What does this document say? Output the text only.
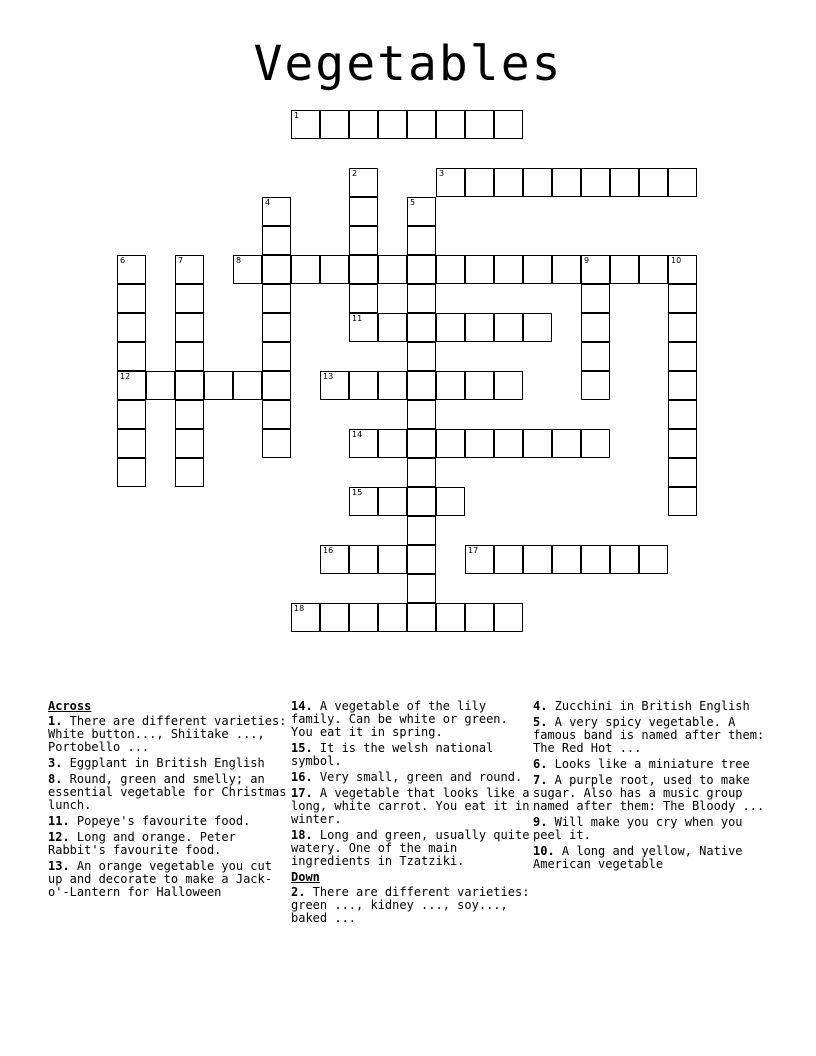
Vegetables
1
2	3
4	5
6
12
7	8	9	10
11
13
14
15
16	17
18
Across
1. There are different varieties: White button..., Shiitake ..., Portobello ...
3. Eggplant in British English
8. Round, green and smelly; an essential vegetable for Christmas lunch.
11. Popeye's favourite food.
12. Long and orange. Peter Rabbit's favourite food.
13. An orange vegetable you cut up and decorate to make a Jack-o'-Lantern for Halloween
14. A vegetable of the lily family. Can be white or green. You eat it in spring.
15. It is the welsh national symbol.
16. Very small, green and round.
17. A vegetable that looks like a long, white carrot. You eat it in winter.
18. Long and green, usually quite watery. One of the main ingredients in Tzatziki.
Down
2. There are different varieties: green ..., kidney ..., soy..., baked ...
4. Zucchini in British English
5. A very spicy vegetable. A famous band is named after them: The Red Hot ...
6. Looks like a miniature tree
7. A purple root, used to make sugar. Also has a music group named after them: The Bloody ...
9. Will make you cry when you peel it.
10. A long and yellow, Native American vegetable
